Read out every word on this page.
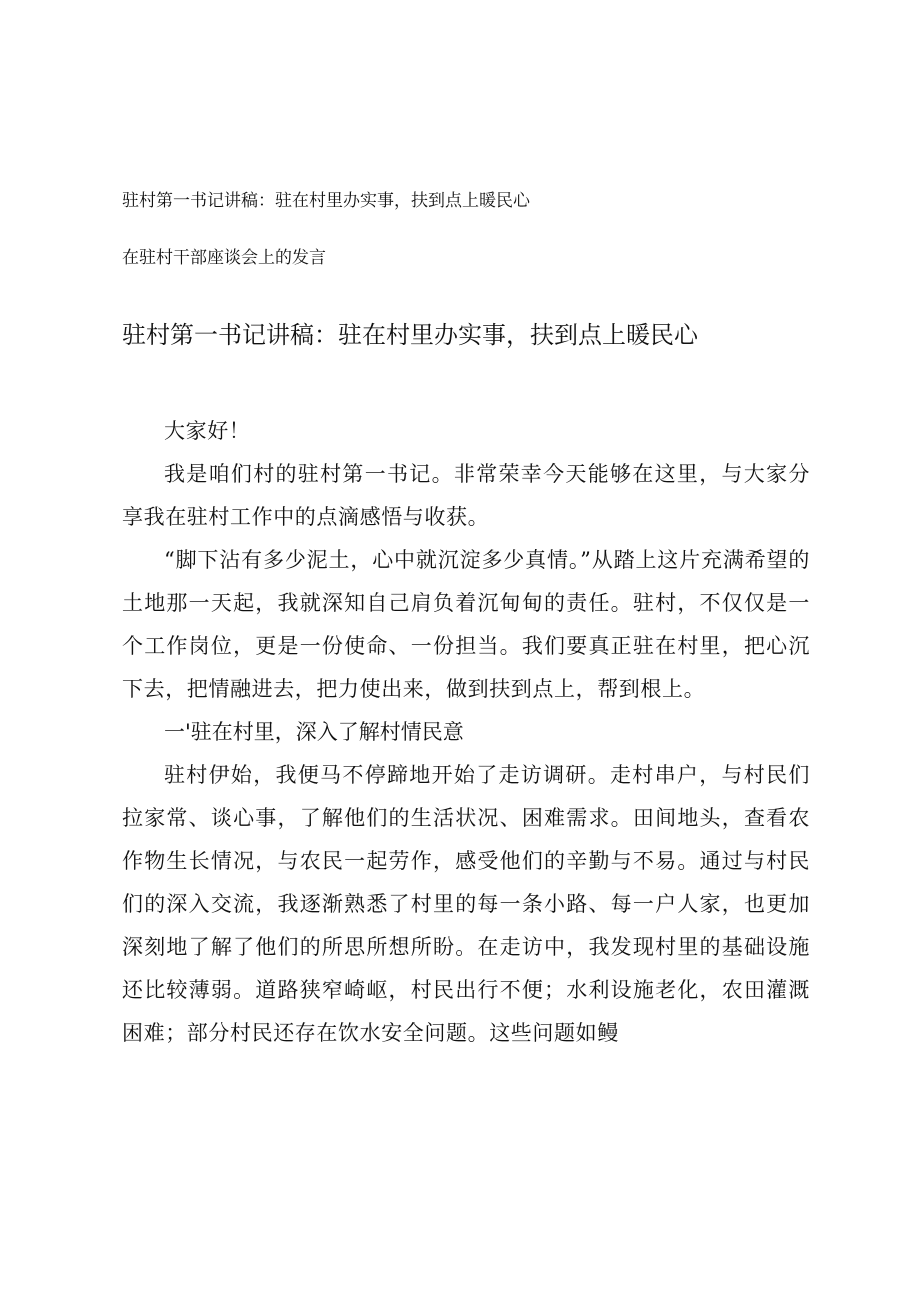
驻村第一书记讲稿：驻在村里办实事，扶到点上暖民心
在驻村干部座谈会上的发言
驻村第一书记讲稿：驻在村里办实事，扶到点上暖民心

大家好！

我是咱们村的驻村第一书记。非常荣幸今天能够在这里，与大家分享我在驻村工作中的点滴感悟与收获。

“脚下沾有多少泥土，心中就沉淀多少真情。”从踏上这片充满希望的土地那一天起，我就深知自己肩负着沉甸甸的责任。驻村，不仅仅是一个工作岗位，更是一份使命、一份担当。我们要真正驻在村里，把心沉下去，把情融进去，把力使出来，做到扶到点上，帮到根上。

一'驻在村里，深入了解村情民意

驻村伊始，我便马不停蹄地开始了走访调研。走村串户，与村民们拉家常、谈心事，了解他们的生活状况、困难需求。田间地头，查看农作物生长情况，与农民一起劳作，感受他们的辛勤与不易。通过与村民们的深入交流，我逐渐熟悉了村里的每一条小路、每一户人家，也更加深刻地了解了他们的所思所想所盼。在走访中，我发现村里的基础设施还比较薄弱。道路狭窄崎岖，村民出行不便；水利设施老化，农田灌溉困难；部分村民还存在饮水安全问题。这些问题如鳗
